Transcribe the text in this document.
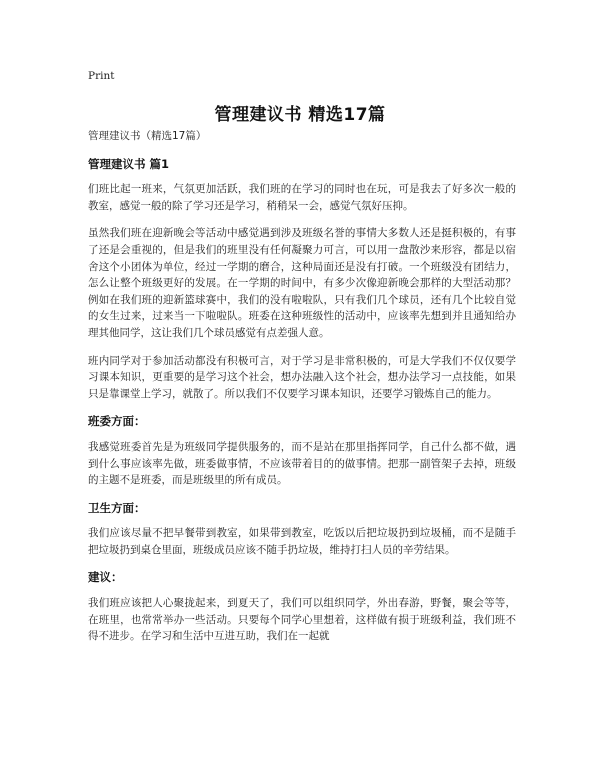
Print
管理建议书 精选17篇
管理建议书（精选17篇）
管理建议书 篇1
们班比起一班来，气氛更加活跃，我们班的在学习的同时也在玩，可是我去了好多次一般的教室，感觉一般的除了学习还是学习，稍稍呆一会，感觉气氛好压抑。
虽然我们班在迎新晚会等活动中感觉遇到涉及班级名誉的事情大多数人还是挺积极的，有事了还是会重视的，但是我们的班里没有任何凝聚力可言，可以用一盘散沙来形容，都是以宿舍这个小团体为单位，经过一学期的磨合，这种局面还是没有打破。一个班级没有团结力，怎么让整个班级更好的发展。在一学期的时间中，有多少次像迎新晚会那样的大型活动那？例如在我们班的迎新篮球赛中，我们的没有啦啦队，只有我们几个球员，还有几个比较自觉的女生过来，过来当一下啦啦队。班委在这种班级性的活动中，应该率先想到并且通知给办理其他同学，这让我们几个球员感觉有点差强人意。
班内同学对于参加活动都没有积极可言，对于学习是非常积极的，可是大学我们不仅仅要学习课本知识，更重要的是学习这个社会，想办法融入这个社会，想办法学习一点技能，如果只是靠课堂上学习，就散了。所以我们不仅要学习课本知识，还要学习锻炼自己的能力。
班委方面：
我感觉班委首先是为班级同学提供服务的，而不是站在那里指挥同学，自己什么都不做，遇到什么事应该率先做，班委做事情，不应该带着目的的做事情。把那一副管架子去掉，班级的主题不是班委，而是班级里的所有成员。
卫生方面：
我们应该尽量不把早餐带到教室，如果带到教室，吃饭以后把垃圾扔到垃圾桶，而不是随手把垃圾扔到桌仓里面，班级成员应该不随手扔垃圾，维持打扫人员的辛劳结果。
建议：
我们班应该把人心聚拢起来，到夏天了，我们可以组织同学，外出春游，野餐，聚会等等，在班里，也常常举办一些活动。只要每个同学心里想着，这样做有损于班级利益，我们班不得不进步。在学习和生活中互进互助，我们在一起就
